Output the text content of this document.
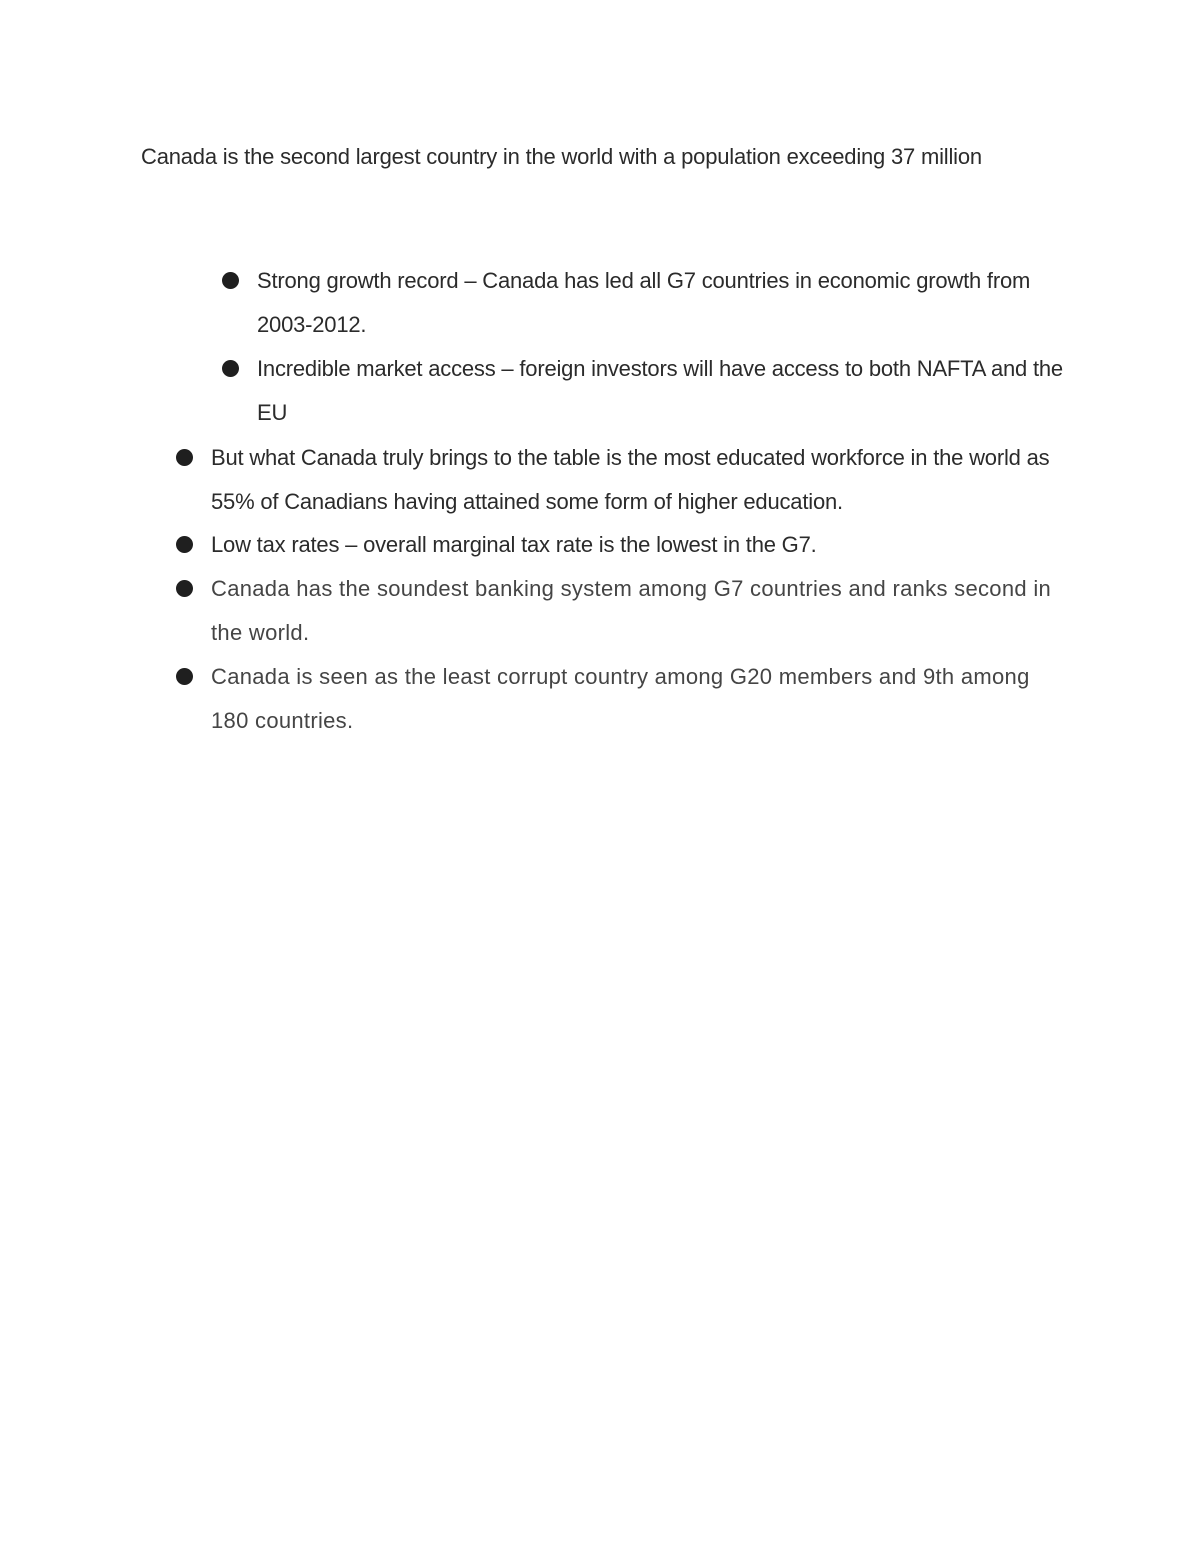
Canada is the second largest country in the world with a population exceeding 37 million

Strong growth record – Canada has led all G7 countries in economic growth from 2003-2012.
Incredible market access – foreign investors will have access to both NAFTA and the EU
But what Canada truly brings to the table is the most educated workforce in the world as 55% of Canadians having attained some form of higher education.
Low tax rates – overall marginal tax rate is the lowest in the G7.
Canada has the soundest banking system among G7 countries and ranks second in the world.
Canada is seen as the least corrupt country among G20 members and 9th among 180 countries.
